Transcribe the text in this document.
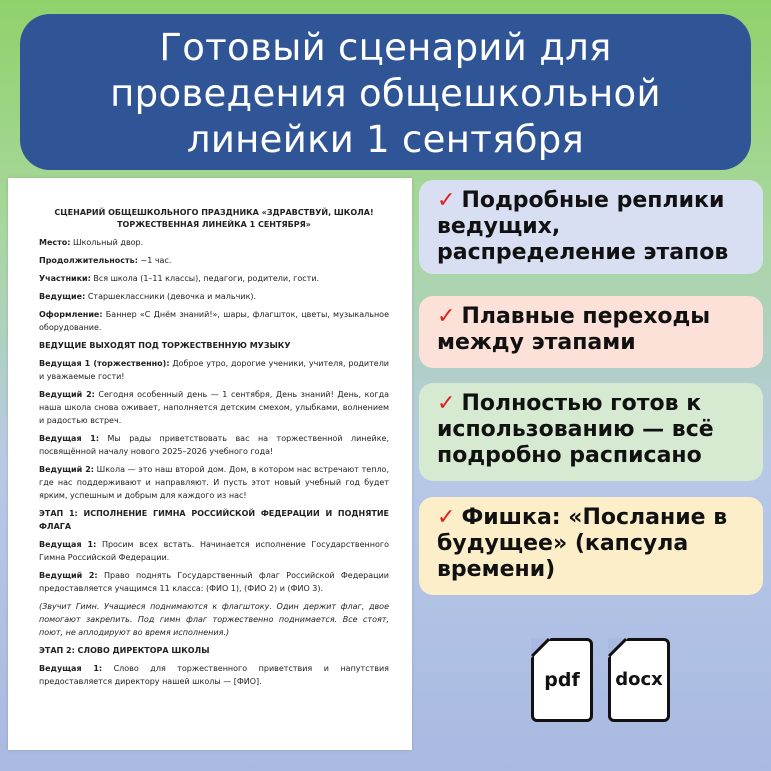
Готовый сценарий для
проведения общешкольной
линейки 1 сентября
СЦЕНАРИЙ ОБЩЕШКОЛЬНОГО ПРАЗДНИКА «ЗДРАВСТВУЙ, ШКОЛА!
ТОРЖЕСТВЕННАЯ ЛИНЕЙКА 1 СЕНТЯБРЯ»

Место: Школьный двор.

Продолжительность: ~1 час.

Участники: Вся школа (1–11 классы), педагоги, родители, гости.

Ведущие: Старшеклассники (девочка и мальчик).

Оформление: Баннер «С Днём знаний!», шары, флагшток, цветы, музыкальное оборудование.

ВЕДУЩИЕ ВЫХОДЯТ ПОД ТОРЖЕСТВЕННУЮ МУЗЫКУ

Ведущая 1 (торжественно): Доброе утро, дорогие ученики, учителя, родители и уважаемые гости!

Ведущий 2: Сегодня особенный день — 1 сентября, День знаний! День, когда наша школа снова оживает, наполняется детским смехом, улыбками, волнением и радостью встреч.

Ведущая 1: Мы рады приветствовать вас на торжественной линейке, посвящённой началу нового 2025–2026 учебного года!

Ведущий 2: Школа — это наш второй дом. Дом, в котором нас встречают тепло, где нас поддерживают и направляют. И пусть этот новый учебный год будет ярким, успешным и добрым для каждого из нас!

ЭТАП 1: ИСПОЛНЕНИЕ ГИМНА РОССИЙСКОЙ ФЕДЕРАЦИИ И ПОДНЯТИЕ ФЛАГА

Ведущая 1: Просим всех встать. Начинается исполнение Государственного Гимна Российской Федерации.

Ведущий 2: Право поднять Государственный флаг Российской Федерации предоставляется учащимся 11 класса: (ФИО 1), (ФИО 2) и (ФИО 3).

(Звучит Гимн. Учащиеся поднимаются к флагштоку. Один держит флаг, двое помогают закрепить. Под гимн флаг торжественно поднимается. Все стоят, поют, не аплодируют во время исполнения.)

ЭТАП 2: СЛОВО ДИРЕКТОРА ШКОЛЫ

Ведущая 1: Слово для торжественного приветствия и напутствия предоставляется директору нашей школы — [ФИО].

✓ Подробные реплики ведущих, распределение этапов
✓ Плавные переходы между этапами
✓ Полностью готов к использованию — всё подробно расписано
✓ Фишка: «Послание в будущее» (капсула времени)
pdf	docx
